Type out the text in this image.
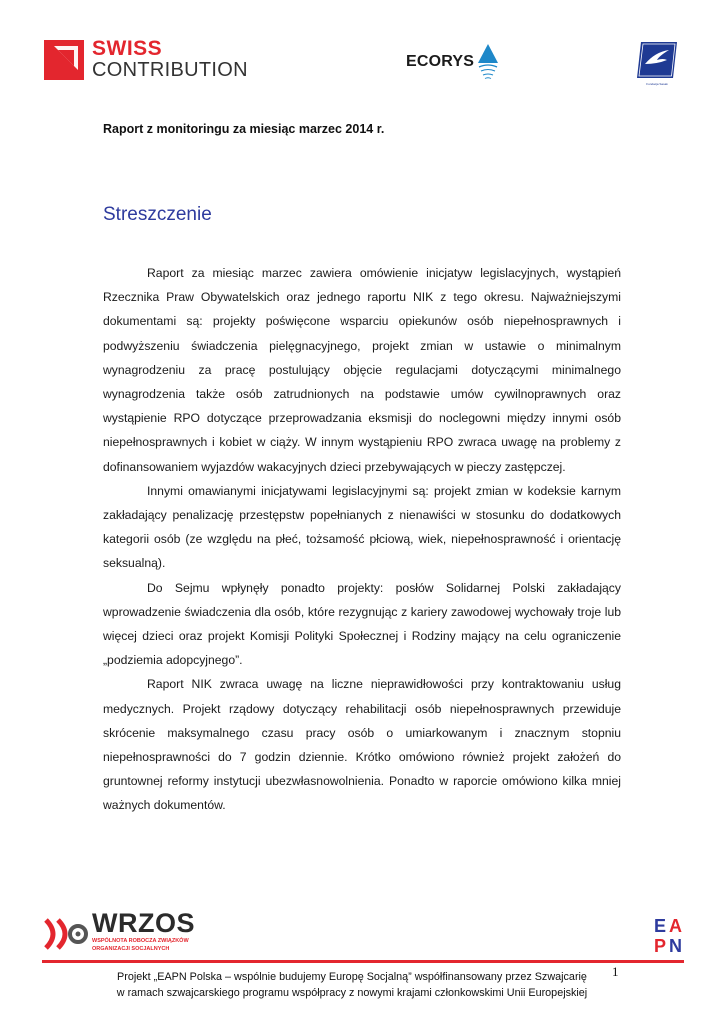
SWISS
CONTRIBUTION	ECORYS
Fundacja Sasak
Raport z monitoringu za miesiąc marzec 2014 r.
Streszczenie

Raport za miesiąc marzec zawiera omówienie inicjatyw legislacyjnych, wystąpień Rzecznika Praw Obywatelskich oraz jednego raportu NIK z tego okresu. Najważniejszymi dokumentami są: projekty poświęcone wsparciu opiekunów osób niepełnosprawnych i podwyższeniu świadczenia pielęgnacyjnego, projekt zmian w ustawie o minimalnym wynagrodzeniu za pracę postulujący objęcie regulacjami dotyczącymi minimalnego wynagrodzenia także osób zatrudnionych na podstawie umów cywilnoprawnych oraz wystąpienie RPO dotyczące przeprowadzania eksmisji do noclegowni między innymi osób niepełnosprawnych i kobiet w ciąży. W innym wystąpieniu RPO zwraca uwagę na problemy z dofinansowaniem wyjazdów wakacyjnych dzieci przebywających w pieczy zastępczej.

Innymi omawianymi inicjatywami legislacyjnymi są: projekt zmian w kodeksie karnym zakładający penalizację przestępstw popełnianych z nienawiści w stosunku do dodatkowych kategorii osób (ze względu na płeć, tożsamość płciową, wiek, niepełnosprawność i orientację seksualną).

Do Sejmu wpłynęły ponadto projekty: posłów Solidarnej Polski zakładający wprowadzenie świadczenia dla osób, które rezygnując z kariery zawodowej wychowały troje lub więcej dzieci oraz projekt Komisji Polityki Społecznej i Rodziny mający na celu ograniczenie „podziemia adopcyjnego”.

Raport NIK zwraca uwagę na liczne nieprawidłowości przy kontraktowaniu usług medycznych. Projekt rządowy dotyczący rehabilitacji osób niepełnosprawnych przewiduje skrócenie maksymalnego czasu pracy osób o umiarkowanym i znacznym stopniu niepełnosprawności do 7 godzin dziennie. Krótko omówiono również projekt założeń do gruntownej reformy instytucji ubezwłasnowolnienia. Ponadto w raporcie omówiono kilka mniej ważnych dokumentów.

WRZOS
WSPÓLNOTA ROBOCZA ZWIĄZKÓW
ORGANIZACJI SOCJALNYCH
E A
P N
1
Projekt „EAPN Polska – wspólnie budujemy Europę Socjalną” współfinansowany przez Szwajcarię
w ramach szwajcarskiego programu współpracy z nowymi krajami członkowskimi Unii Europejskiej
